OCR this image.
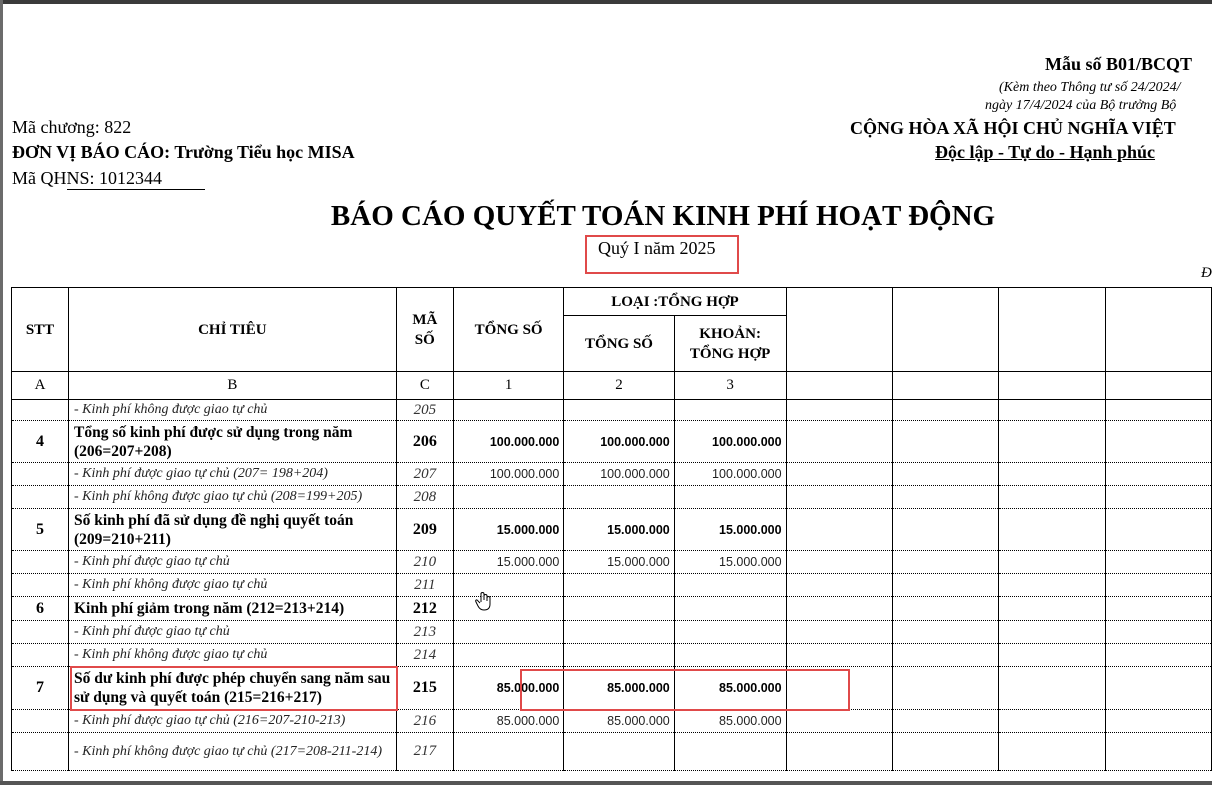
Mẫu số B01/BCQT
(Kèm theo Thông tư số 24/2024/
ngày 17/4/2024 của Bộ trưởng Bộ
Mã chương: 822
ĐƠN VỊ BÁO CÁO: Trường Tiểu học MISA
Mã QHNS: 1012344
CỘNG HÒA XÃ HỘI CHỦ NGHĨA VIỆT
Độc lập - Tự do - Hạnh phúc
BÁO CÁO QUYẾT TOÁN KINH PHÍ HOẠT ĐỘNG
Quý I năm 2025
Đ
STT	CHỈ TIÊU	MÃ SỐ	TỔNG SỐ	LOẠI :TỔNG HỢP					
				TỔNG SỐ	KHOẢN: TỔNG HỢP				

A	B	C	1	2	3				
	- Kinh phí không được giao tự chủ	205							
4	Tổng số kinh phí được sử dụng trong năm (206=207+208)	206	100.000.000	100.000.000	100.000.000				
	- Kinh phí được giao tự chủ (207= 198+204)	207	100.000.000	100.000.000	100.000.000				
	- Kinh phí không được giao tự chủ (208=199+205)	208							
5	Số kinh phí đã sử dụng đề nghị quyết toán (209=210+211)	209	15.000.000	15.000.000	15.000.000				
	- Kinh phí được giao tự chủ	210	15.000.000	15.000.000	15.000.000				
	- Kinh phí không được giao tự chủ	211							
6	Kinh phí giảm trong năm (212=213+214)	212							
	- Kinh phí được giao tự chủ	213							
	- Kinh phí không được giao tự chủ	214							
7	Số dư kinh phí được phép chuyển sang năm sau sử dụng và quyết toán (215=216+217)	215	85.000.000	85.000.000	85.000.000				
	- Kinh phí được giao tự chủ (216=207-210-213)	216	85.000.000	85.000.000	85.000.000				
	- Kinh phí không được giao tự chủ (217=208-211-214)	217							
